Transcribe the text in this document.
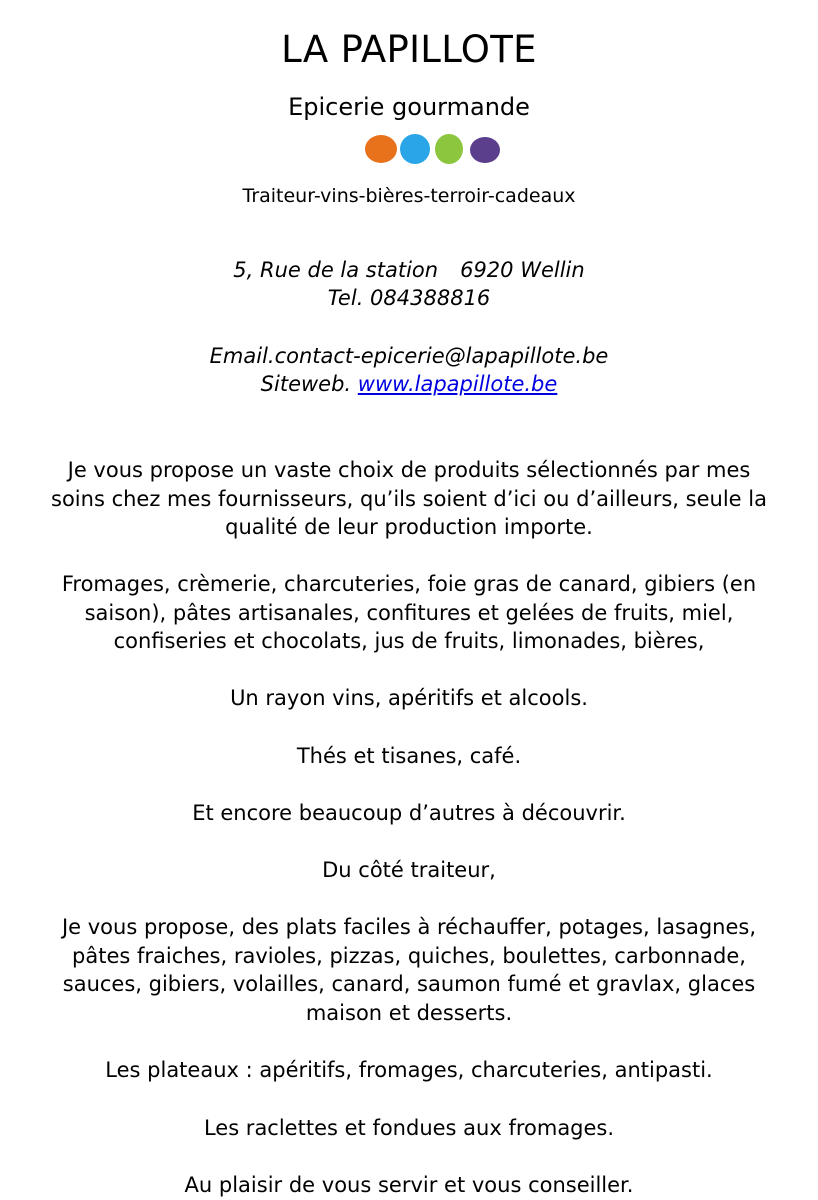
LA PAPILLOTE
Epicerie gourmande
Traiteur-vins-bières-terroir-cadeaux
5, Rue de la station 6920 Wellin
Tel. 084388816
Email.contact-epicerie@lapapillote.be
Siteweb. www.lapapillote.be
Je vous propose un vaste choix de produits sélectionnés par mes
soins chez mes fournisseurs, qu’ils soient d’ici ou d’ailleurs, seule la
qualité de leur production importe.
Fromages, crèmerie, charcuteries, foie gras de canard, gibiers (en
saison), pâtes artisanales, confitures et gelées de fruits, miel,
confiseries et chocolats, jus de fruits, limonades, bières,
Un rayon vins, apéritifs et alcools.
Thés et tisanes, café.
Et encore beaucoup d’autres à découvrir.
Du côté traiteur,
Je vous propose, des plats faciles à réchauffer, potages, lasagnes,
pâtes fraiches, ravioles, pizzas, quiches, boulettes, carbonnade,
sauces, gibiers, volailles, canard, saumon fumé et gravlax, glaces
maison et desserts.
Les plateaux : apéritifs, fromages, charcuteries, antipasti.
Les raclettes et fondues aux fromages.
Au plaisir de vous servir et vous conseiller.
